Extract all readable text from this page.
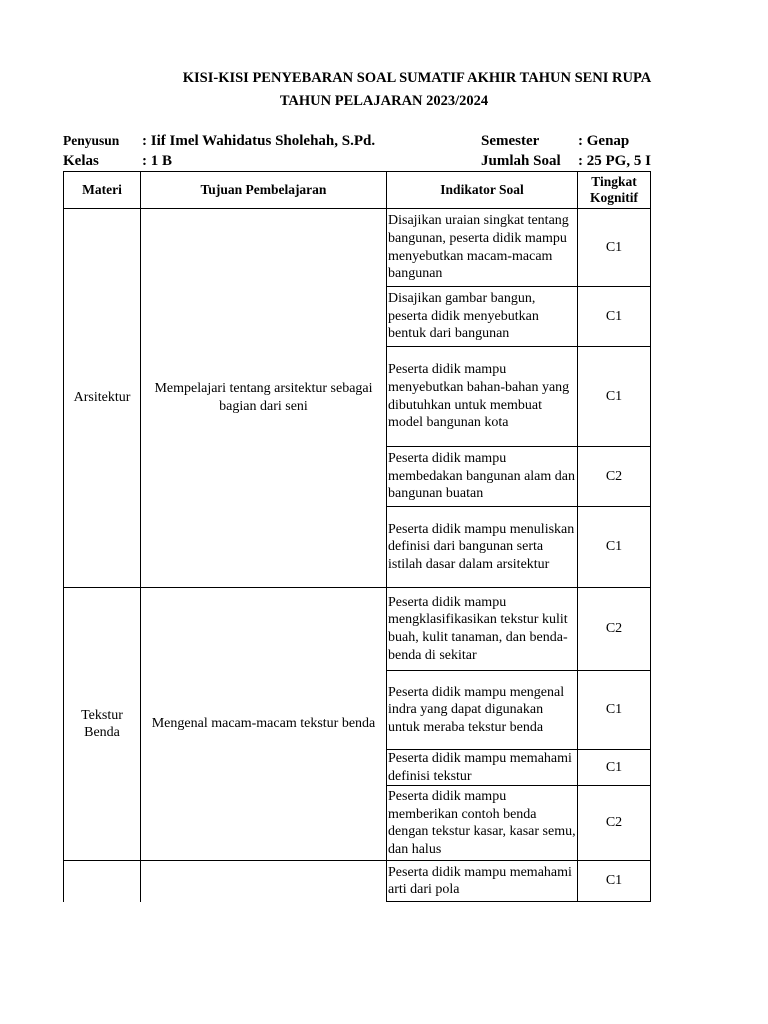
KISI-KISI PENYEBARAN SOAL SUMATIF AKHIR TAHUN SENI RUPA
Penyusun : Iif Imel Wahidatus Sholehah, S.Pd.
Kelas	: 1 B
Semester	: Genap
Jumlah Soal : 25 PG, 5 I
Materi	Tujuan Pembelajaran	Indikator Soal	Tingkat Kognitif
Arsitektur	Mempelajari tentang arsitektur sebagai bagian dari seni	Disajikan uraian singkat tentang bangunan, peserta didik mampu menyebutkan macam-macam bangunan	C1
		Disajikan gambar bangun, peserta didik menyebutkan bentuk dari bangunan	C1
		Peserta didik mampu menyebutkan bahan-bahan yang dibutuhkan untuk membuat model bangunan kota	C1
		Peserta didik mampu membedakan bangunan alam dan bangunan buatan	C2
		Peserta didik mampu menuliskan definisi dari bangunan serta istilah dasar dalam arsitektur	C1
Tekstur Benda	Mengenal macam-macam tekstur benda	Peserta didik mampu mengklasifikasikan tekstur kulit buah, kulit tanaman, dan benda-benda di sekitar	C2
		Peserta didik mampu mengenal indra yang dapat digunakan untuk meraba tekstur benda	C1
		Peserta didik mampu memahami definisi tekstur	C1
		Peserta didik mampu memberikan contoh benda dengan tekstur kasar, kasar semu, dan halus	C2
		Peserta didik mampu memahami arti dari pola	C1
TAHUN PELAJARAN 2023/2024
